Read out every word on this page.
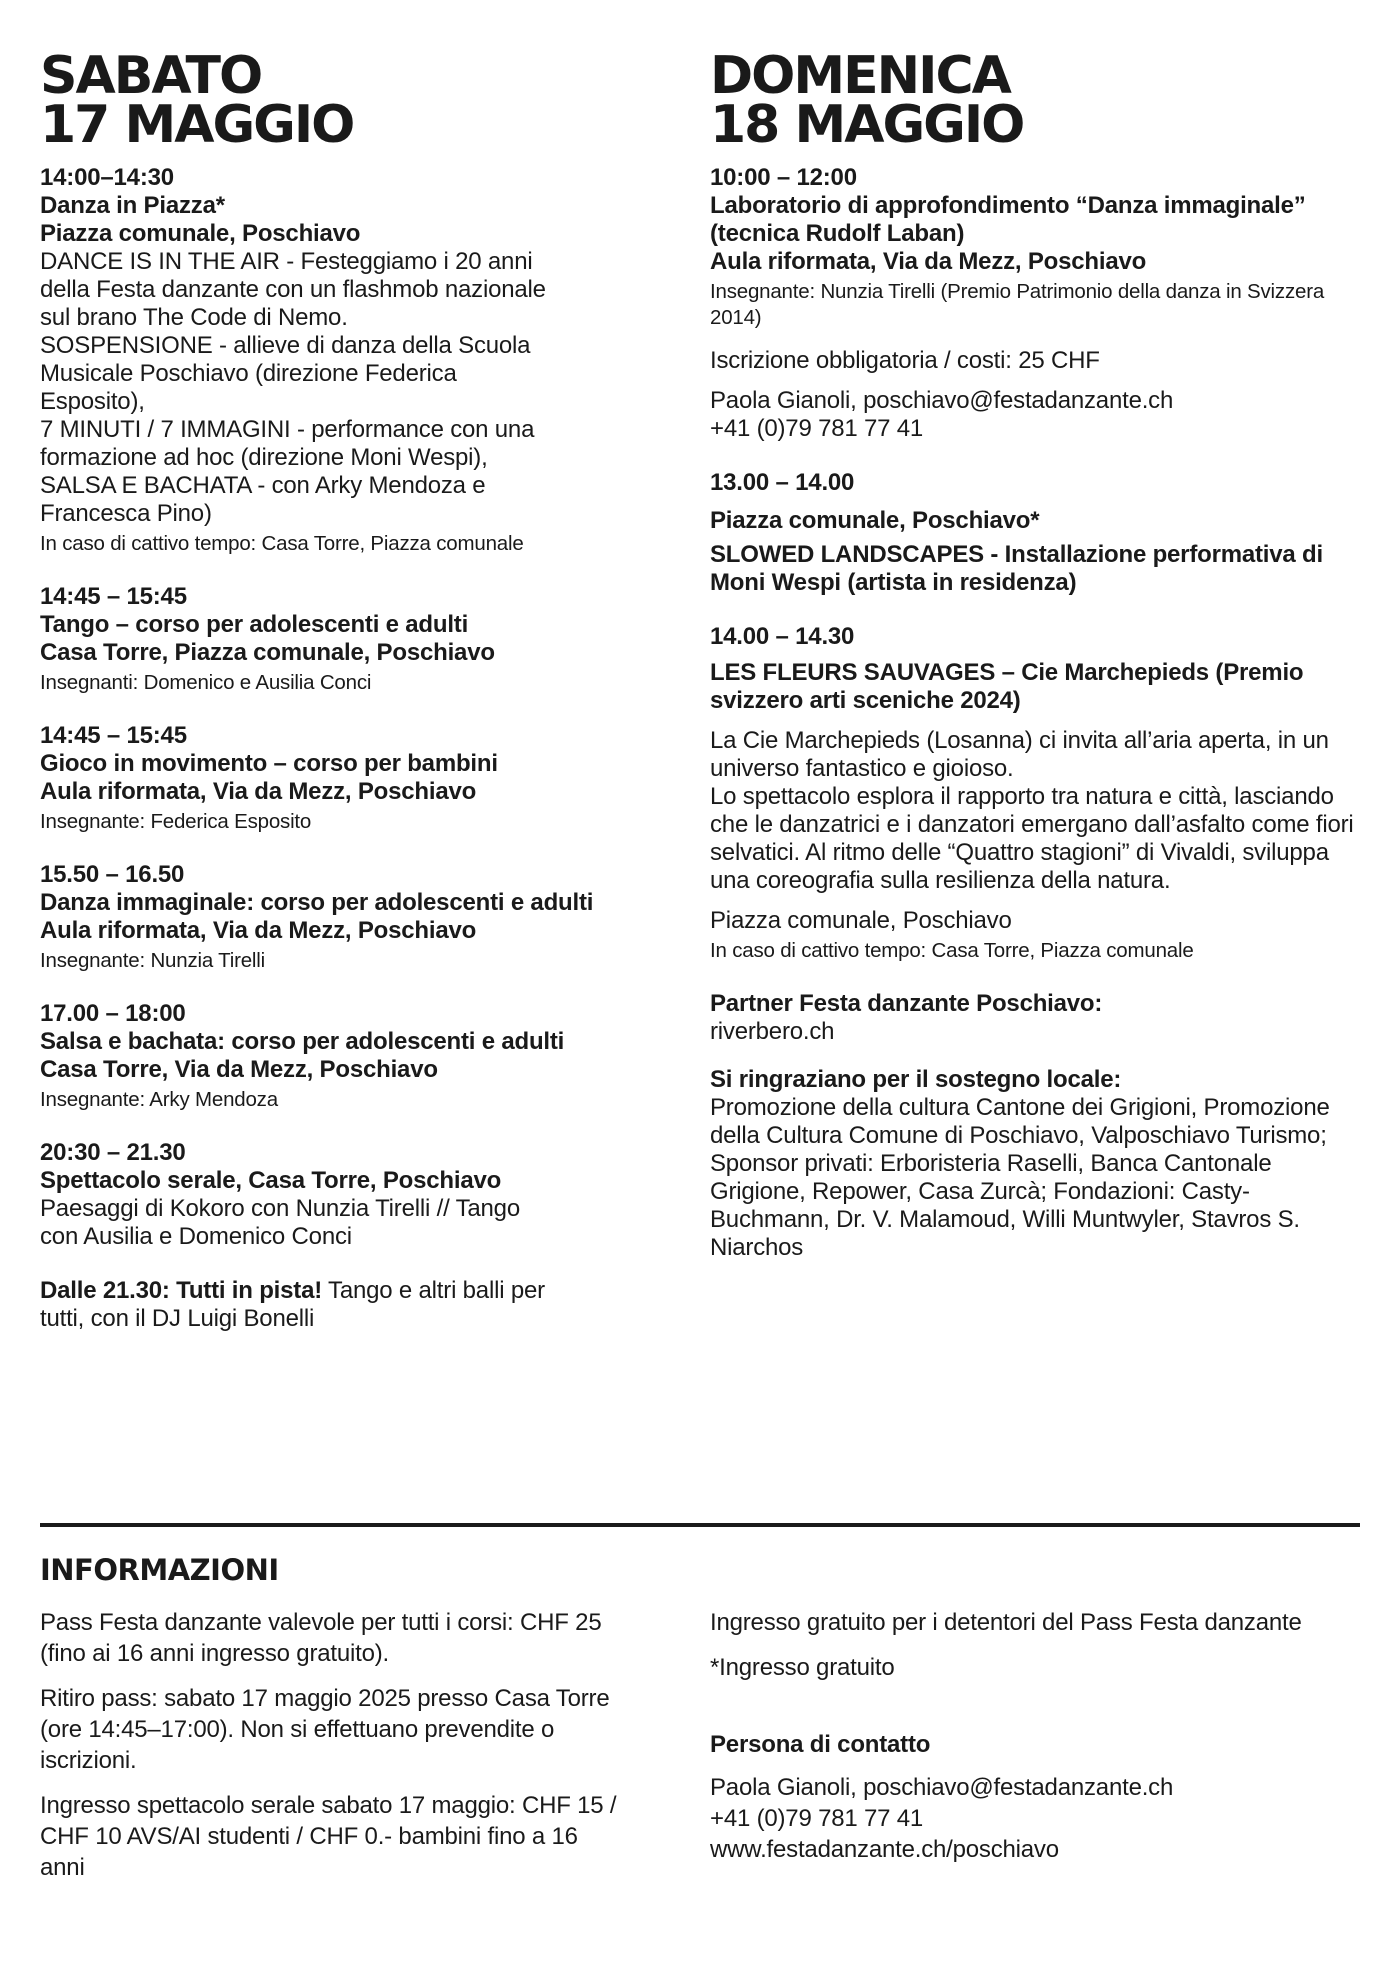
SABATO
17 MAGGIO

14:00–14:30

Danza in Piazza*

Piazza comunale, Poschiavo

DANCE IS IN THE AIR - Festeggiamo i 20 anni della Festa danzante con un flashmob nazionale sul brano The Code di Nemo.

SOSPENSIONE - allieve di danza della Scuola Musicale Poschiavo (direzione Federica Esposito),

7 MINUTI / 7 IMMAGINI - performance con una formazione ad hoc (direzione Moni Wespi),

SALSA E BACHATA - con Arky Mendoza e Francesca Pino)

In caso di cattivo tempo: Casa Torre, Piazza comunale

14:45 – 15:45

Tango – corso per adolescenti e adulti

Casa Torre, Piazza comunale, Poschiavo

Insegnanti: Domenico e Ausilia Conci

14:45 – 15:45

Gioco in movimento – corso per bambini

Aula riformata, Via da Mezz, Poschiavo

Insegnante: Federica Esposito

15.50 – 16.50

Danza immaginale: corso per adolescenti e adulti

Aula riformata, Via da Mezz, Poschiavo

Insegnante: Nunzia Tirelli

17.00 – 18:00

Salsa e bachata: corso per adolescenti e adulti

Casa Torre, Via da Mezz, Poschiavo

Insegnante: Arky Mendoza

20:30 – 21.30

Spettacolo serale, Casa Torre, Poschiavo

Paesaggi di Kokoro con Nunzia Tirelli // Tango con Ausilia e Domenico Conci

Dalle 21.30: Tutti in pista! Tango e altri balli per tutti, con il DJ Luigi Bonelli

DOMENICA
18 MAGGIO

10:00 – 12:00

Laboratorio di approfondimento “Danza immaginale” (tecnica Rudolf Laban)

Aula riformata, Via da Mezz, Poschiavo

Insegnante: Nunzia Tirelli (Premio Patrimonio della danza in Svizzera 2014)

Iscrizione obbligatoria / costi: 25 CHF

Paola Gianoli, poschiavo@festadanzante.ch

+41 (0)79 781 77 41

13.00 – 14.00

Piazza comunale, Poschiavo*

SLOWED LANDSCAPES - Installazione performativa di Moni Wespi (artista in residenza)

14.00 – 14.30

LES FLEURS SAUVAGES – Cie Marchepieds (Premio svizzero arti sceniche 2024)

La Cie Marchepieds (Losanna) ci invita all’aria aperta, in un universo fantastico e gioioso.

Lo spettacolo esplora il rapporto tra natura e città, lasciando che le danzatrici e i danzatori emergano dall’asfalto come fiori selvatici. Al ritmo delle “Quattro stagioni” di Vivaldi, sviluppa una coreografia sulla resilienza della natura.

Piazza comunale, Poschiavo

In caso di cattivo tempo: Casa Torre, Piazza comunale

Partner Festa danzante Poschiavo:

riverbero.ch

Si ringraziano per il sostegno locale:

Promozione della cultura Cantone dei Grigioni, Promozione della Cultura Comune di Poschiavo, Valposchiavo Turismo; Sponsor privati: Erboristeria Raselli, Banca Cantonale Grigione, Repower, Casa Zurcà; Fondazioni: Casty-Buchmann, Dr. V. Malamoud, Willi Muntwyler, Stavros S. Niarchos

INFORMAZIONI

Pass Festa danzante valevole per tutti i corsi: CHF 25 (fino ai 16 anni ingresso gratuito).

Ritiro pass: sabato 17 maggio 2025 presso Casa Torre (ore 14:45–17:00). Non si effettuano prevendite o iscrizioni.

Ingresso spettacolo serale sabato 17 maggio: CHF 15 / CHF 10 AVS/AI studenti / CHF 0.- bambini fino a 16 anni

Ingresso gratuito per i detentori del Pass Festa danzante

*Ingresso gratuito

Persona di contatto

Paola Gianoli, poschiavo@festadanzante.ch

+41 (0)79 781 77 41

www.festadanzante.ch/poschiavo
